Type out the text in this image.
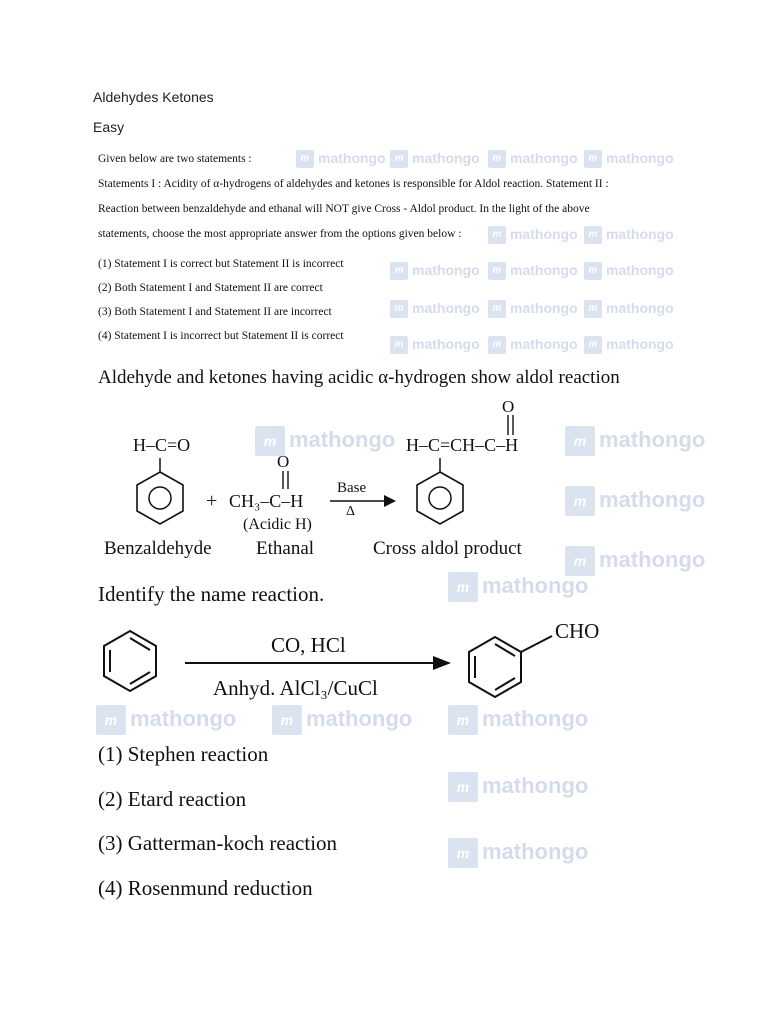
Aldehydes Ketones
Easy
m mathongo m mathongo	m mathongo	m mathongo
m mathongo	m mathongo
m mathongo	m mathongo	m mathongo
m mathongo	m mathongo	m mathongo
m mathongo	m mathongo	m mathongo
m mathongo	m mathongo
m mathongo
m mathongo
m mathongo
m mathongo	m mathongo	m mathongo
m mathongo
m mathongo
Given below are two statements :
Statements I : Acidity of α-hydrogens of aldehydes and ketones is responsible for Aldol reaction. Statement II :
Reaction between benzaldehyde and ethanal will NOT give Cross - Aldol product. In the light of the above
statements, choose the most appropriate answer from the options given below :
(1) Statement I is correct but Statement II is incorrect
(2) Both Statement I and Statement II are correct
(3) Both Statement I and Statement II are incorrect
(4) Statement I is incorrect but Statement II is correct
Aldehyde and ketones having acidic α-hydrogen show aldol reaction
H–C=O
+
O
CH₃–C–H
(Acidic H)
Base
Δ
O
H–C=CH–C–H
Benzaldehyde Ethanal	Cross aldol product
Identify the name reaction.
CO, HCl
Anhyd. AlCl₃/CuCl
CHO
(1) Stephen reaction
(2) Etard reaction
(3) Gatterman-koch reaction
(4) Rosenmund reduction
